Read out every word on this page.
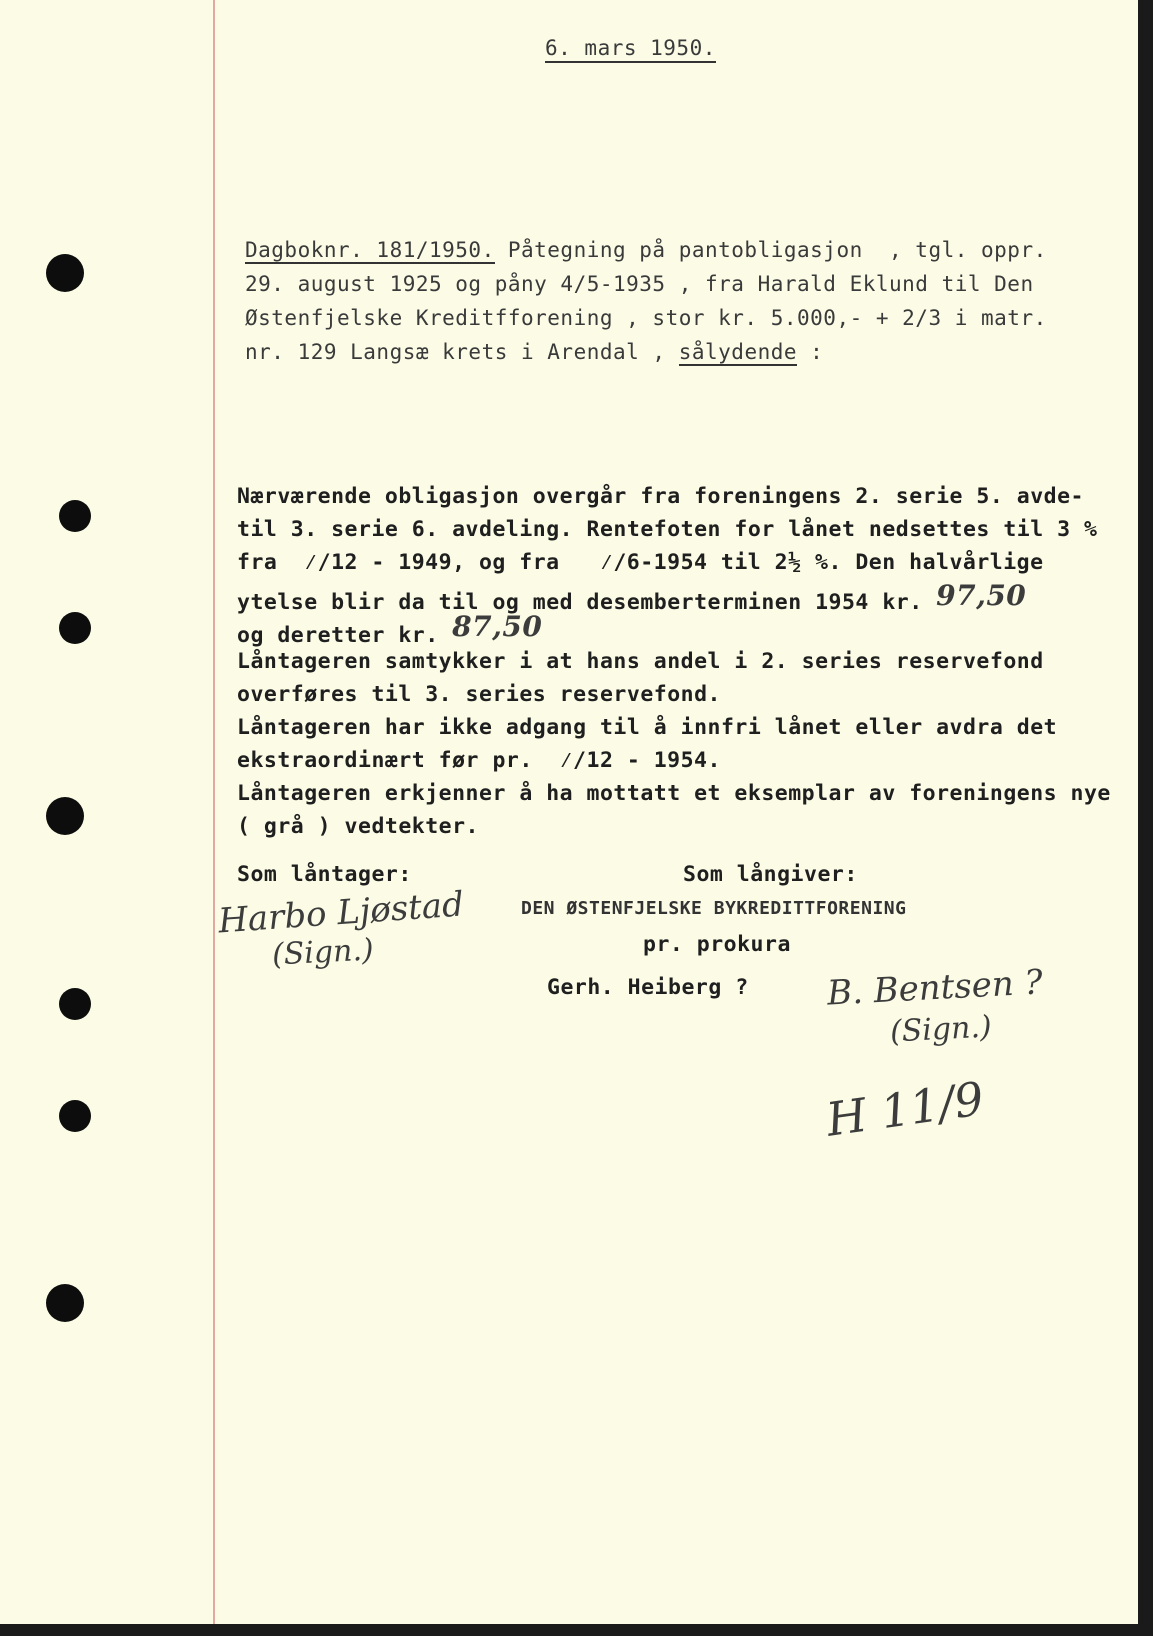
6. mars 1950.
Dagboknr. 181/1950. Påtegning på pantobligasjon  , tgl. oppr.
29. august 1925 og påny 4/5-1935 , fra Harald Eklund til Den
Østenfjelske Kreditfforening , stor kr. 5.000,- + 2/3 i matr.
nr. 129 Langsæ krets i Arendal , sålydende :
Nærværende obligasjon overgår fra foreningens 2. serie 5. avde-
til 3. serie 6. avdeling. Rentefoten for lånet nedsettes til 3 %
fra  ⁄/12 - 1949, og fra   ⁄/6-1954 til 2½ %. Den halvårlige
ytelse blir da til og med desemberterminen 1954 kr. 97,50
og deretter kr. 87,50
Låntageren samtykker i at hans andel i 2. series reservefond
overføres til 3. series reservefond.
Låntageren har ikke adgang til å innfri lånet eller avdra det
ekstraordinært før pr.  ⁄/12 - 1954.
Låntageren erkjenner å ha mottatt et eksemplar av foreningens nye
( grå ) vedtekter.
Som låntager:	Som långiver:
Harbo Ljøstad
(Sign.)
DEN ØSTENFJELSKE BYKREDITTFORENING
pr. prokura
Gerh. Heiberg ? B. Bentsen ?
(Sign.)
H 11/9
